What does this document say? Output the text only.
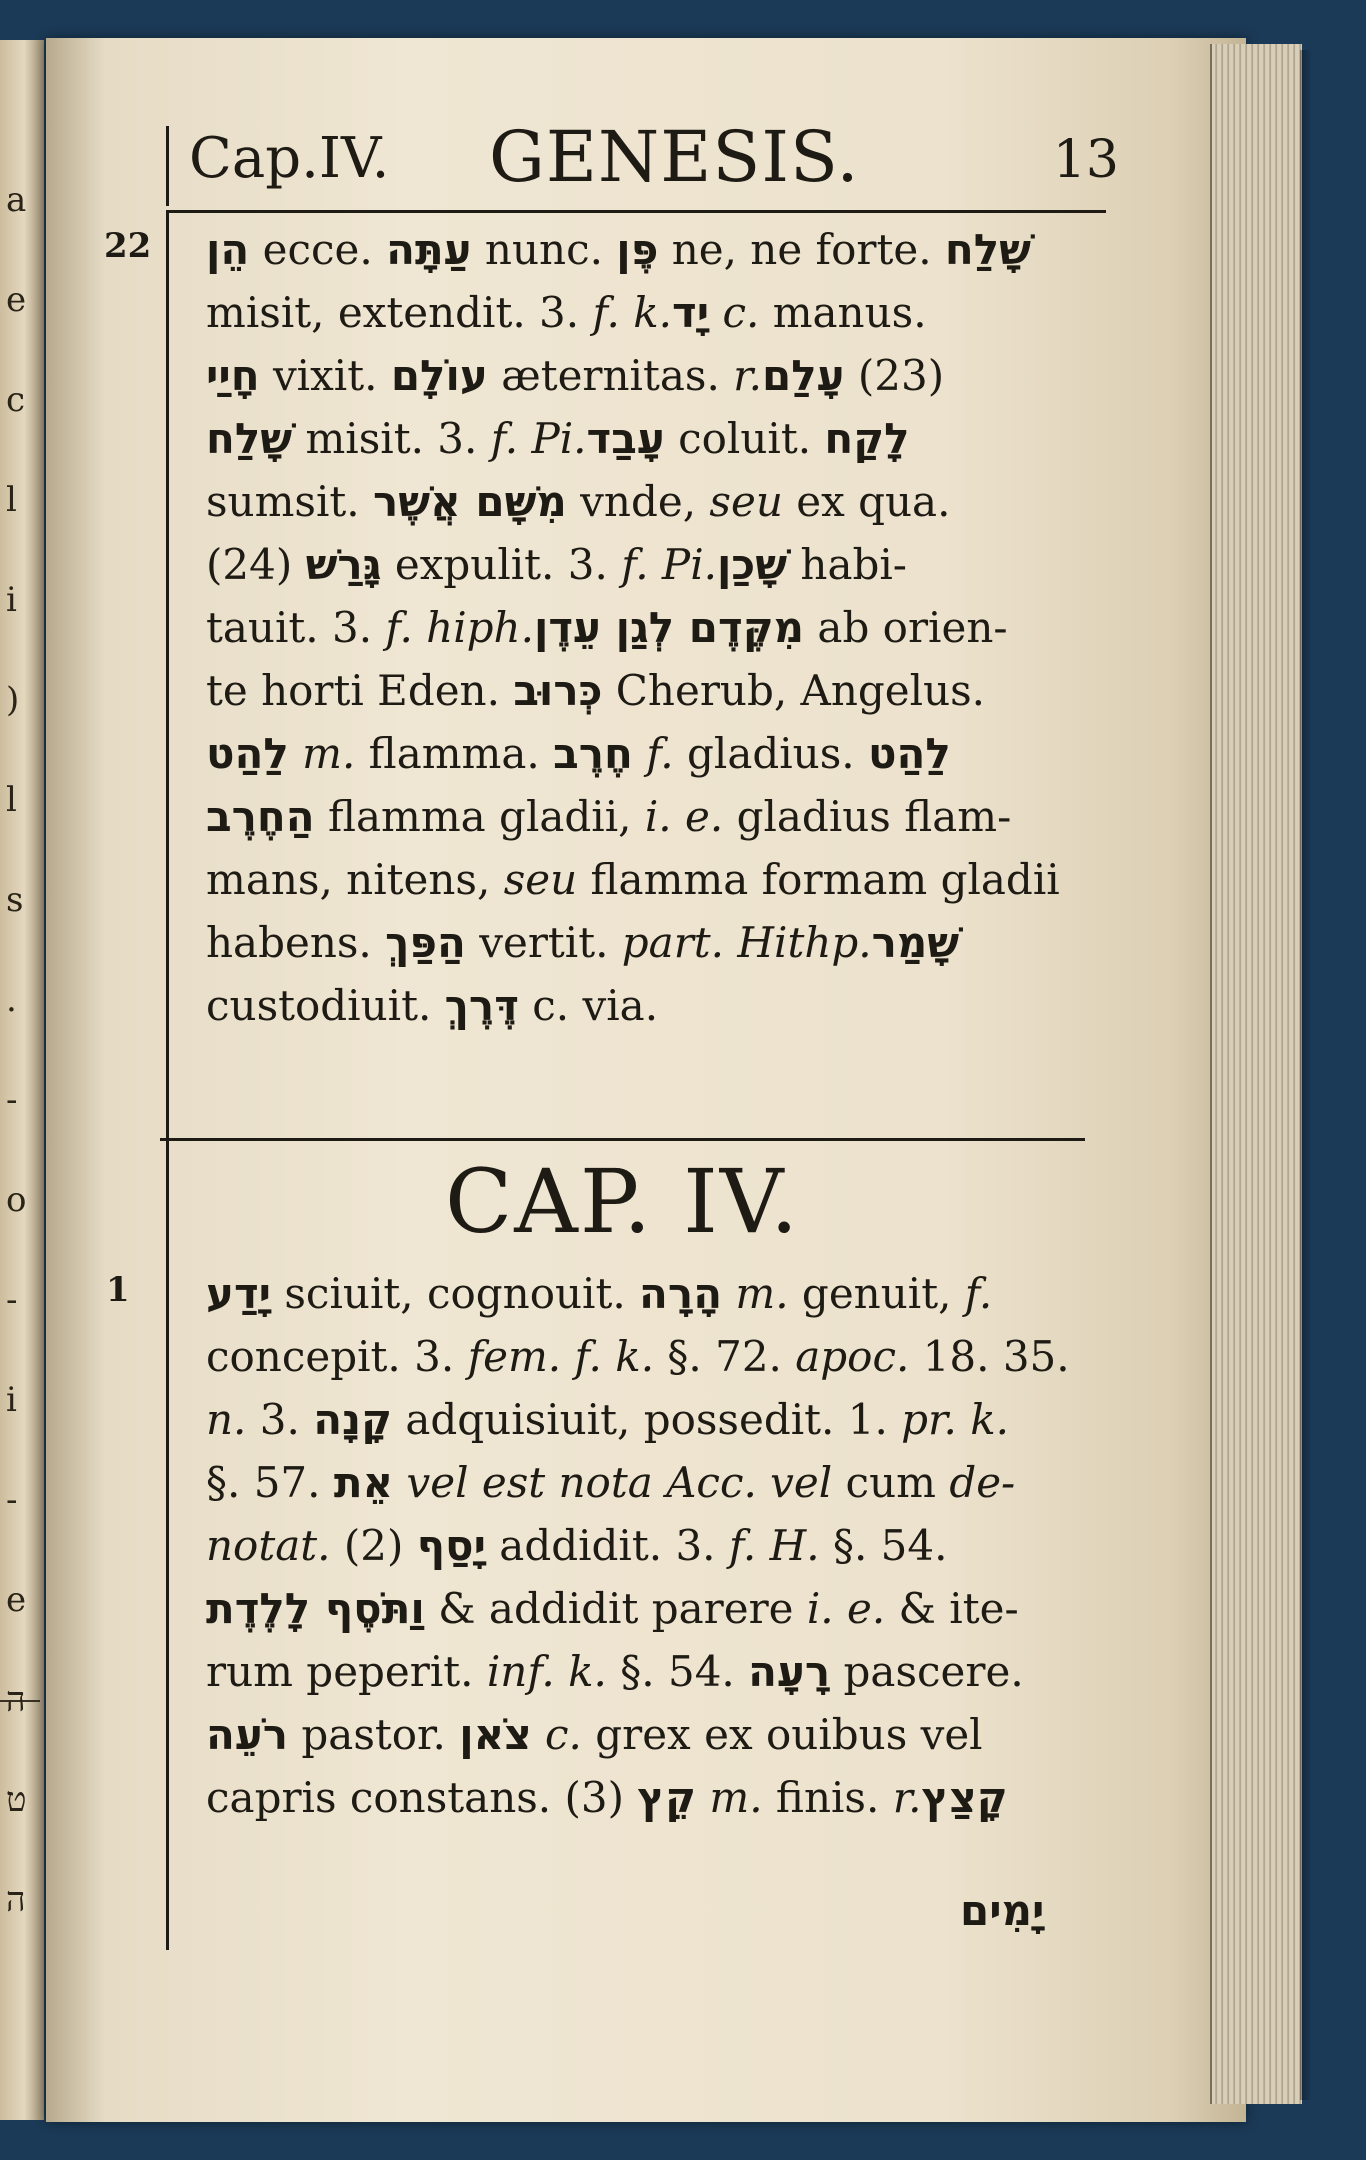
a
e
c
l
i
)
l
s
.
-
o
-
i
-
e
ה
ט
ה
Cap.IV. GENESIS.	13
22 הֵן ecce. עַתָּה nunc. פֶּן ne, ne forte. שָׁלַח

misit, extendit. 3. f. k.יָד c. manus.

חָיַי vixit. עוֹלָם æternitas. r.עָלַם (23)

שָׁלַח misit. 3. f. Pi.עָבַד coluit. לָקַח

sumsit. מִשָּׁם אֲשֶׁר vnde, seu ex qua.

(24) גָּרַשׁ expulit. 3. f. Pi.שָׁכַן habi-

tauit. 3. f. hiph.מִקֶּדֶם לְגַן עֵדֶן ab orien-

te horti Eden. כְּרוּב Cherub, Angelus.

לַהַט m. flamma. חֶרֶב f. gladius. לַהַט

הַחֶרֶב flamma gladii, i. e. gladius flam-

mans, nitens, seu flamma formam gladii

habens. הַפַּךְ vertit. part. Hithp.שָׁמַר

custodiuit. דֶּרֶךְ c. via.

CAP. IV.
1 יָדַע sciuit, cognouit. הָרָה m. genuit, f.

concepit. 3. fem. f. k. §. 72. apoc. 18. 35.

n. 3. קָנָה adquisiuit, possedit. 1. pr. k.

§. 57. אֵת vel est nota Acc. vel cum de-

notat. (2) יָסַף addidit. 3. f. H. §. 54.

וַתֹּסֶף לָלֶדֶת & addidit parere i. e. & ite-

rum peperit. inf. k. §. 54. רָעָה pascere.

רֹעֵה pastor. צֹאן c. grex ex ouibus vel

capris constans. (3) קֵץ m. finis. r.קָצַץ

יָמִים
